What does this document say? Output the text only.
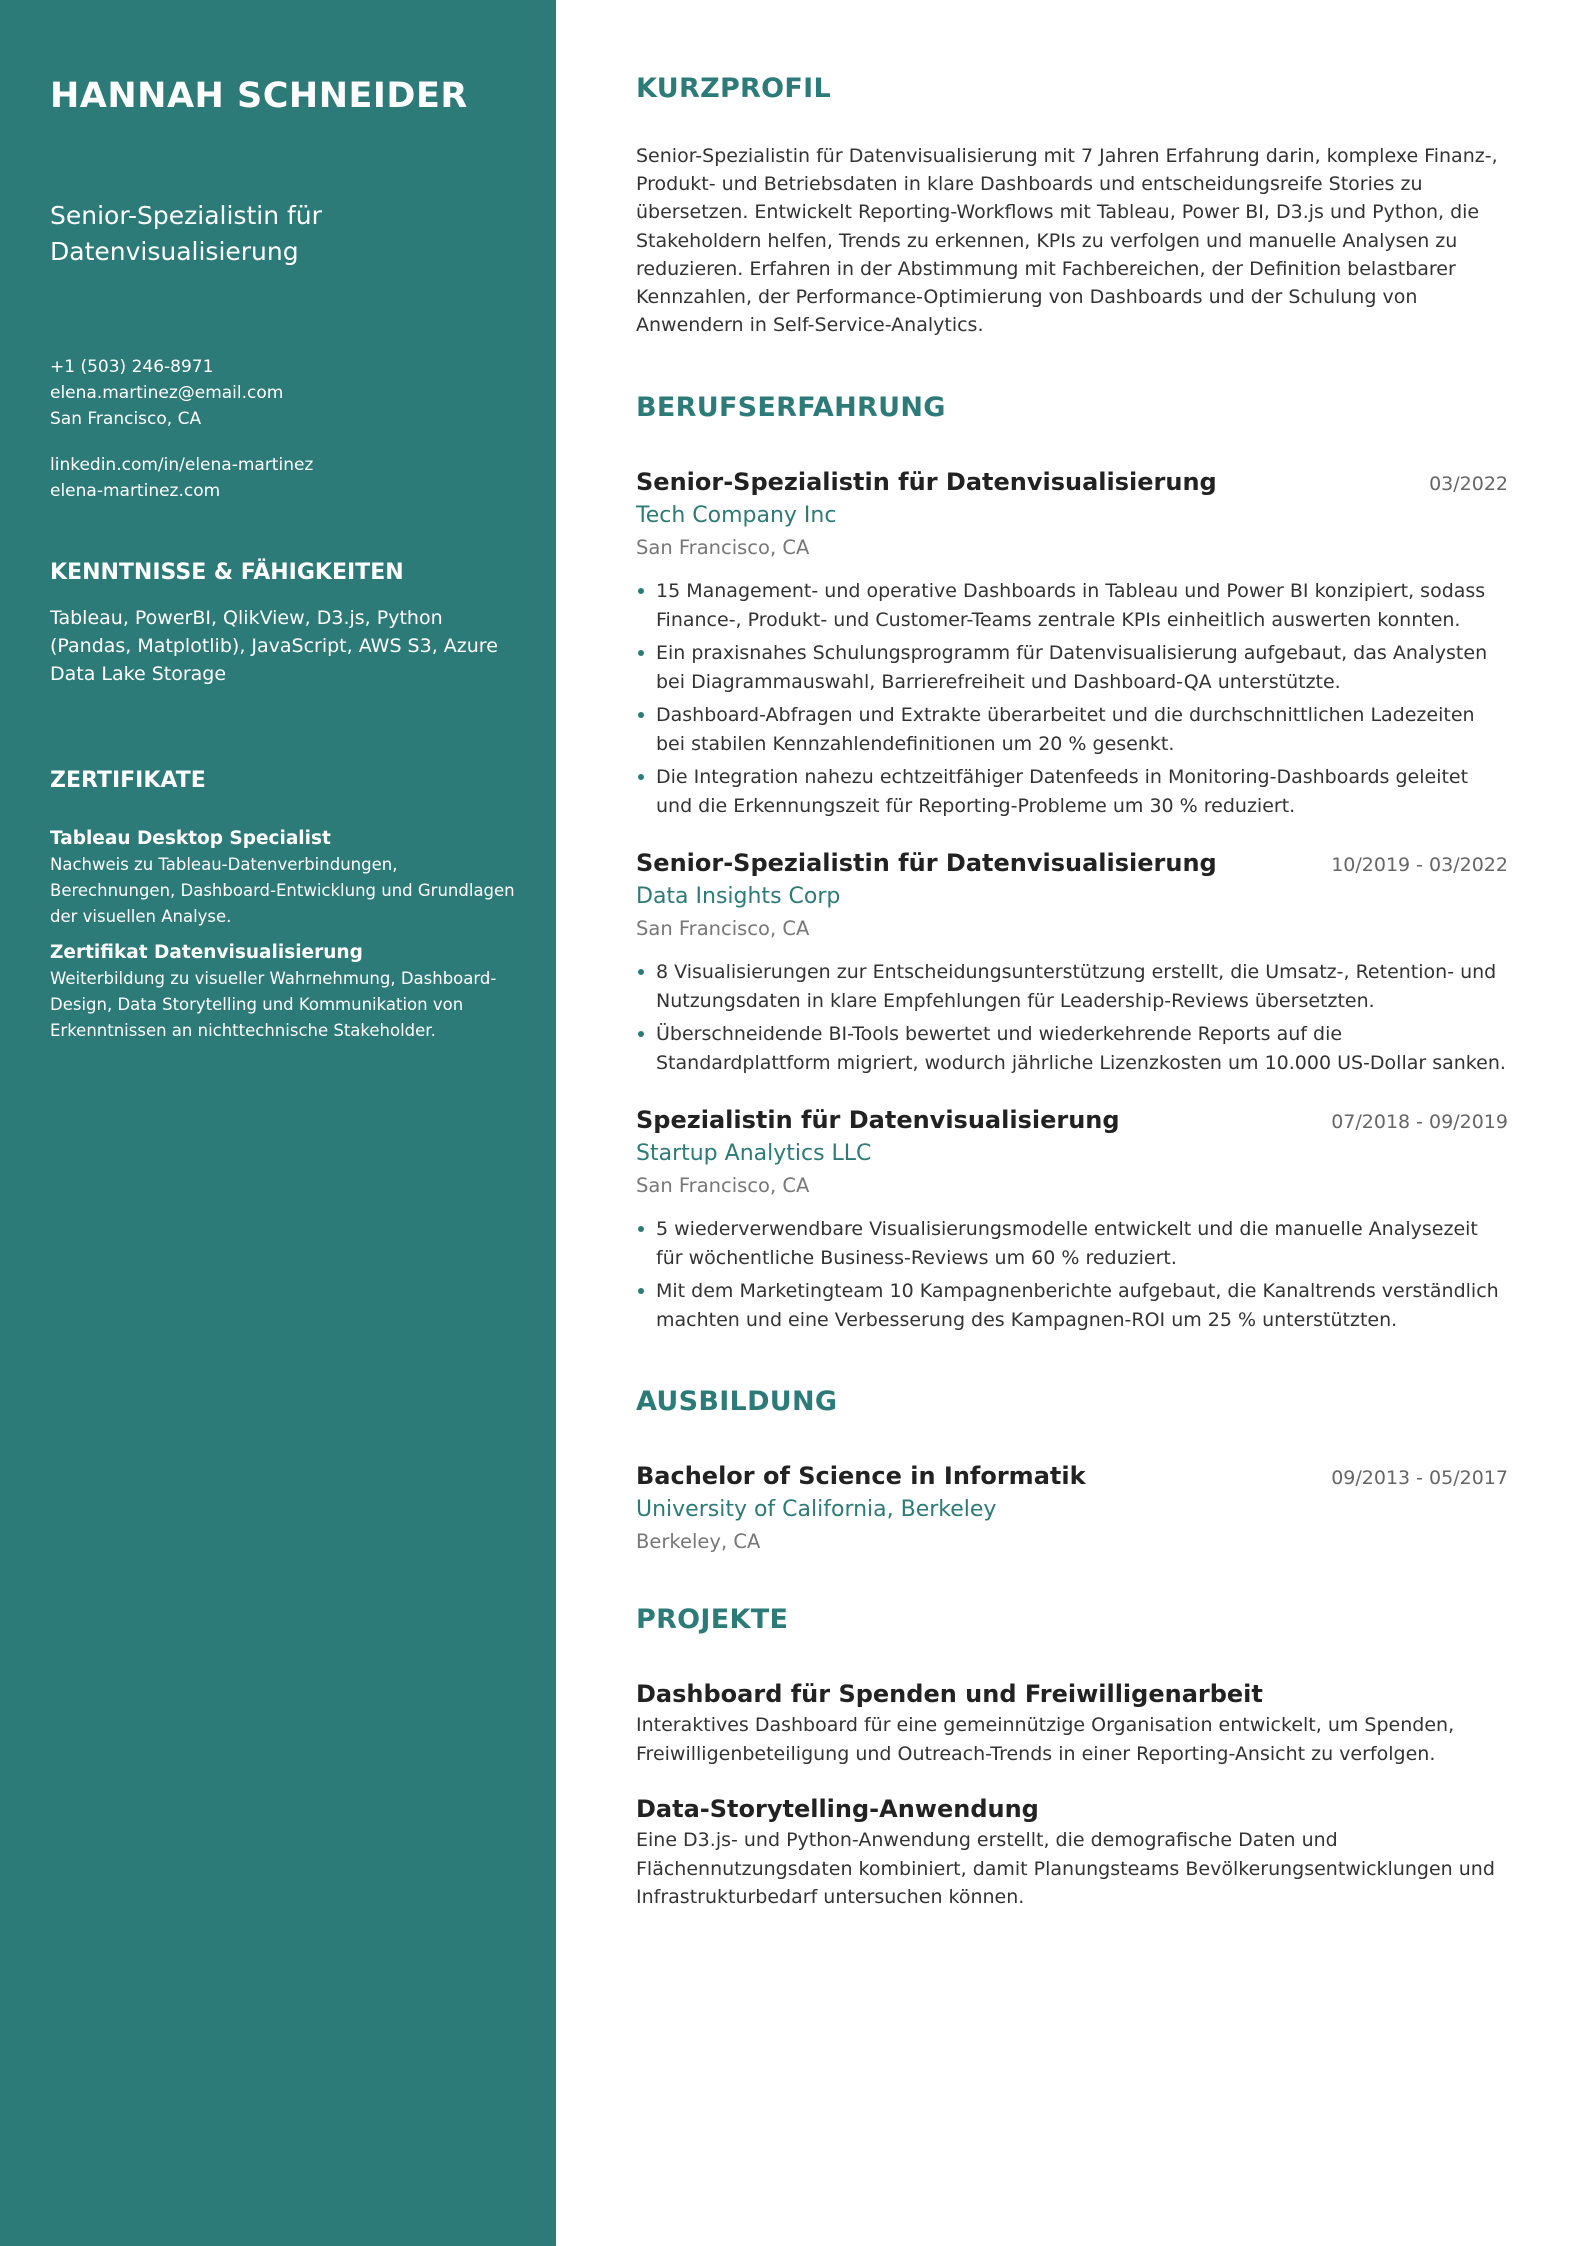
HANNAH SCHNEIDER
Senior-Spezialistin für Datenvisualisierung
+1 (503) 246-8971
elena.martinez@email.com
San Francisco, CA
linkedin.com/in/elena-martinez
elena-martinez.com
KENNTNISSE & FÄHIGKEITEN
Tableau, PowerBI, QlikView, D3.js, Python (Pandas, Matplotlib), JavaScript, AWS S3, Azure Data Lake Storage
ZERTIFIKATE
Tableau Desktop Specialist
Nachweis zu Tableau-Datenverbindungen, Berechnungen, Dashboard-Entwicklung und Grundlagen der visuellen Analyse.
Zertifikat Datenvisualisierung
Weiterbildung zu visueller Wahrnehmung, Dashboard-Design, Data Storytelling und Kommunikation von Erkenntnissen an nichttechnische Stakeholder.
KURZPROFIL

Senior-Spezialistin für Datenvisualisierung mit 7 Jahren Erfahrung darin, komplexe Finanz-, Produkt- und Betriebsdaten in klare Dashboards und entscheidungsreife Stories zu übersetzen. Entwickelt Reporting-Workflows mit Tableau, Power BI, D3.js und Python, die Stakeholdern helfen, Trends zu erkennen, KPIs zu verfolgen und manuelle Analysen zu reduzieren. Erfahren in der Abstimmung mit Fachbereichen, der Definition belastbarer Kennzahlen, der Performance-Optimierung von Dashboards und der Schulung von Anwendern in Self-Service-Analytics.

BERUFSERFAHRUNG
Senior-Spezialistin für Datenvisualisierung	03/2022
Tech Company Inc
San Francisco, CA
15 Management- und operative Dashboards in Tableau und Power BI konzipiert, sodass Finance-, Produkt- und Customer-Teams zentrale KPIs einheitlich auswerten konnten.
Ein praxisnahes Schulungsprogramm für Datenvisualisierung aufgebaut, das Analysten bei Diagrammauswahl, Barrierefreiheit und Dashboard-QA unterstützte.
Dashboard-Abfragen und Extrakte überarbeitet und die durchschnittlichen Ladezeiten bei stabilen Kennzahlendefinitionen um 20 % gesenkt.
Die Integration nahezu echtzeitfähiger Datenfeeds in Monitoring-Dashboards geleitet und die Erkennungszeit für Reporting-Probleme um 30 % reduziert.
Senior-Spezialistin für Datenvisualisierung	10/2019 - 03/2022
Data Insights Corp
San Francisco, CA
8 Visualisierungen zur Entscheidungsunterstützung erstellt, die Umsatz-, Retention- und Nutzungsdaten in klare Empfehlungen für Leadership-Reviews übersetzten.
Überschneidende BI-Tools bewertet und wiederkehrende Reports auf die Standardplattform migriert, wodurch jährliche Lizenzkosten um 10.000 US-Dollar sanken.
Spezialistin für Datenvisualisierung	07/2018 - 09/2019
Startup Analytics LLC
San Francisco, CA
5 wiederverwendbare Visualisierungsmodelle entwickelt und die manuelle Analysezeit für wöchentliche Business-Reviews um 60 % reduziert.
Mit dem Marketingteam 10 Kampagnenberichte aufgebaut, die Kanaltrends verständlich machten und eine Verbesserung des Kampagnen-ROI um 25 % unterstützten.
AUSBILDUNG
Bachelor of Science in Informatik	09/2013 - 05/2017
University of California, Berkeley
Berkeley, CA
PROJEKTE
Dashboard für Spenden und Freiwilligenarbeit
Interaktives Dashboard für eine gemeinnützige Organisation entwickelt, um Spenden, Freiwilligenbeteiligung und Outreach-Trends in einer Reporting-Ansicht zu verfolgen.
Data-Storytelling-Anwendung
Eine D3.js- und Python-Anwendung erstellt, die demografische Daten und Flächennutzungsdaten kombiniert, damit Planungsteams Bevölkerungsentwicklungen und Infrastrukturbedarf untersuchen können.
